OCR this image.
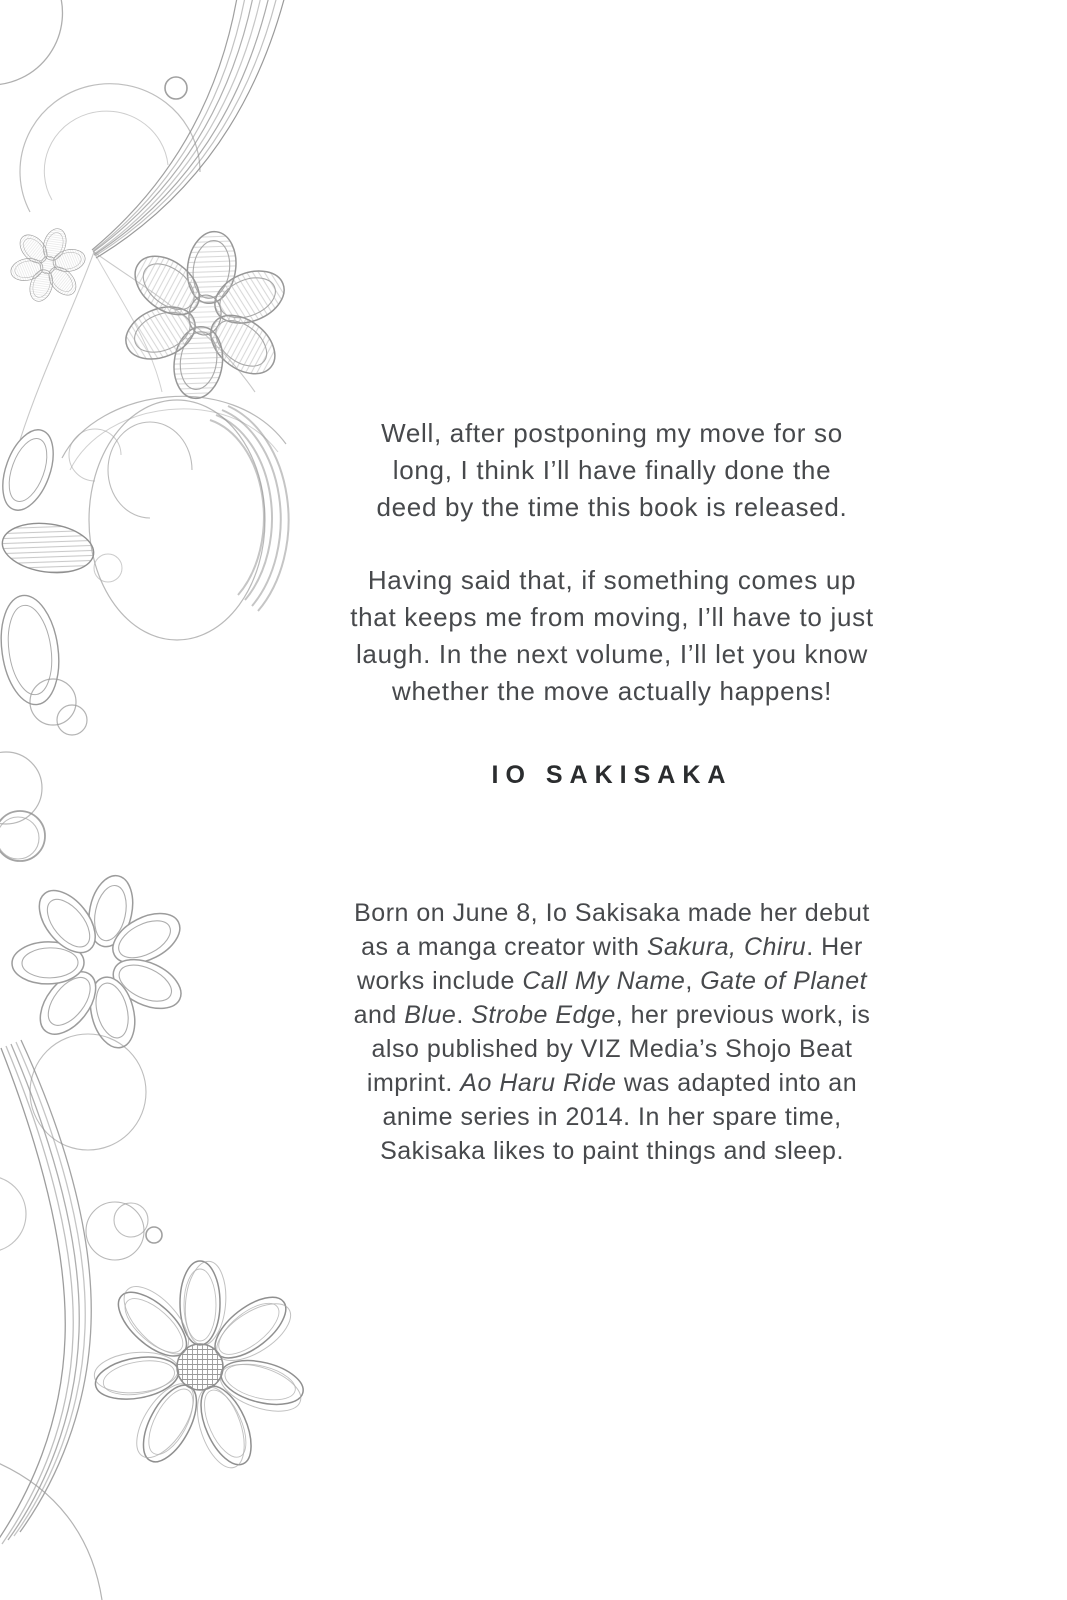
Well, after postponing my move for so
long, I think I’ll have finally done the
deed by the time this book is released.

Having said that, if something comes up
that keeps me from moving, I’ll have to just
laugh. In the next volume, I’ll let you know
whether the move actually happens!

IO SAKISAKA
Born on June 8, Io Sakisaka made her debut
as a manga creator with Sakura, Chiru. Her
works include Call My Name, Gate of Planet
and Blue. Strobe Edge, her previous work, is
also published by VIZ Media’s Shojo Beat
imprint. Ao Haru Ride was adapted into an
anime series in 2014. In her spare time,
Sakisaka likes to paint things and sleep.
